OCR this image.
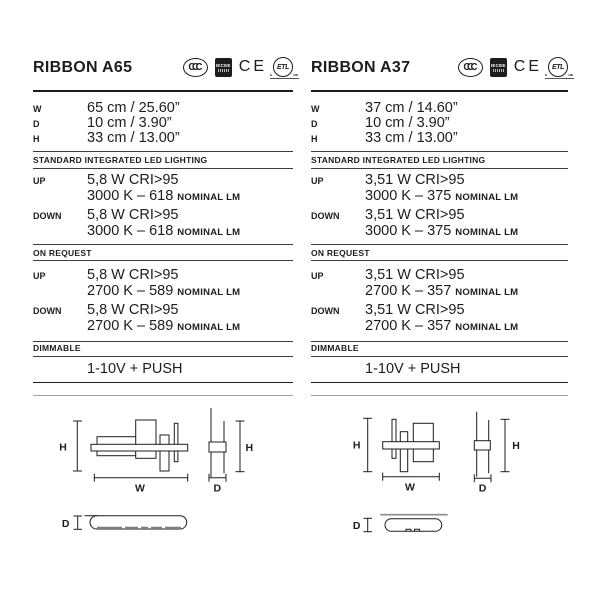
RIBBON A65	CCC	IECEE CE c
ETL
us
W	65 cm / 25.60”
D	10 cm / 3.90”
H	33 cm / 13.00”
STANDARD INTEGRATED LED LIGHTING
UP	5,8 W CRI>95
3000 K – 618 NOMINAL LM
DOWN	5,8 W CRI>95
3000 K – 618 NOMINAL LM
ON REQUEST
UP	5,8 W CRI>95
2700 K – 589 NOMINAL LM
DOWN	5,8 W CRI>95
2700 K – 589 NOMINAL LM
DIMMABLE
1-10V + PUSH
H
W
H
D
D
RIBBON A37	CCC	IECEE CE c
ETL
us
W	37 cm / 14.60”
D	10 cm / 3.90”
H	33 cm / 13.00”
STANDARD INTEGRATED LED LIGHTING
UP	3,51 W CRI>95
3000 K – 375 NOMINAL LM
DOWN	3,51 W CRI>95
3000 K – 375 NOMINAL LM
ON REQUEST
UP	3,51 W CRI>95
2700 K – 357 NOMINAL LM
DOWN	3,51 W CRI>95
2700 K – 357 NOMINAL LM
DIMMABLE
1-10V + PUSH
H
W
H
D
D
